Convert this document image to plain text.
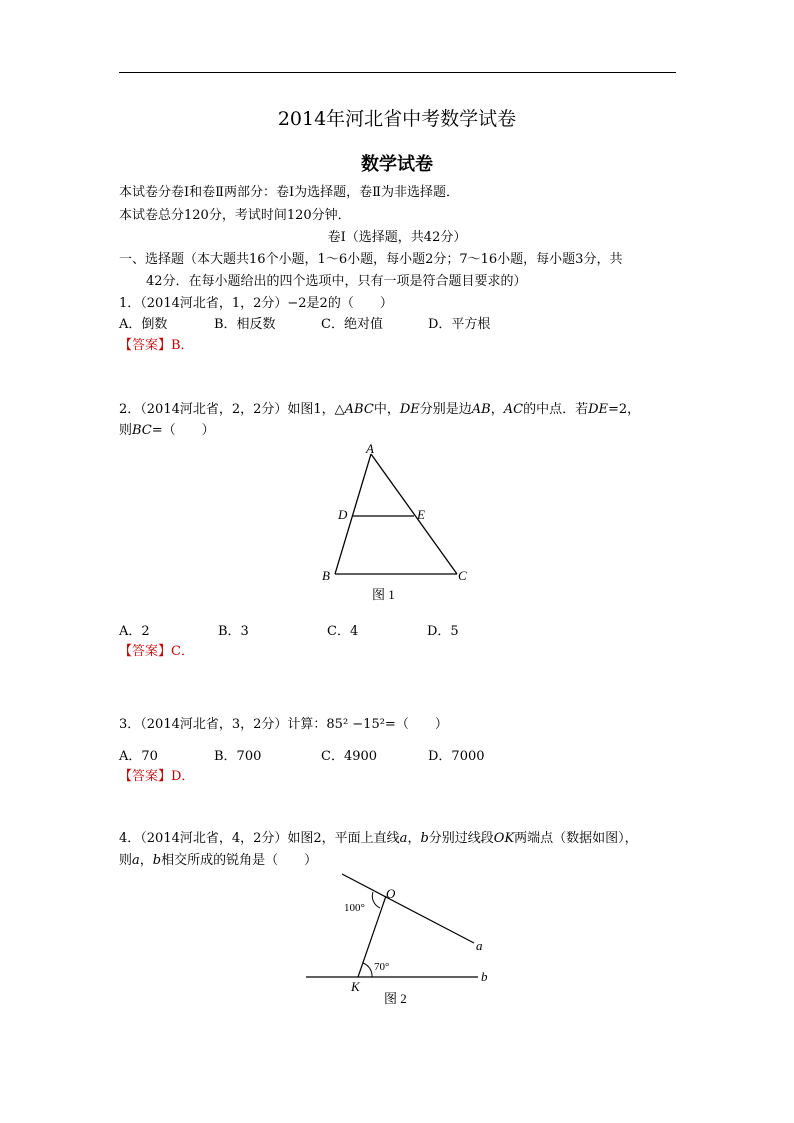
2014年河北省中考数学试卷
数学试卷
本试卷分卷Ⅰ和卷Ⅱ两部分：卷Ⅰ为选择题，卷Ⅱ为非选择题．
本试卷总分120分，考试时间120分钟．
卷Ⅰ（选择题，共42分）
一、选择题（本大题共16个小题，1～6小题，每小题2分；7～16小题，每小题3分，共
42分．在每小题给出的四个选项中，只有一项是符合题目要求的）
1．（2014河北省，1，2分）−2是2的（　　）
A．倒数	B．相反数	C．绝对值	D．平方根
【答案】B．
2．（2014河北省，2，2分）如图1，△ABC中，DE分别是边AB，AC的中点．若DE=2，
则BC=（　　）
A
D	E
B	C
图 1
A．2	B．3	C．4	D．5
【答案】C．
3．（2014河北省，3，2分）计算：85² −15²=（　　）
A．70	B．700	C．4900	D．7000
【答案】D．
4．（2014河北省，4，2分）如图2，平面上直线a，b分别过线段OK两端点（数据如图），
则a，b相交所成的锐角是（　　）
O
K
a
b
100°
70°
图 2
